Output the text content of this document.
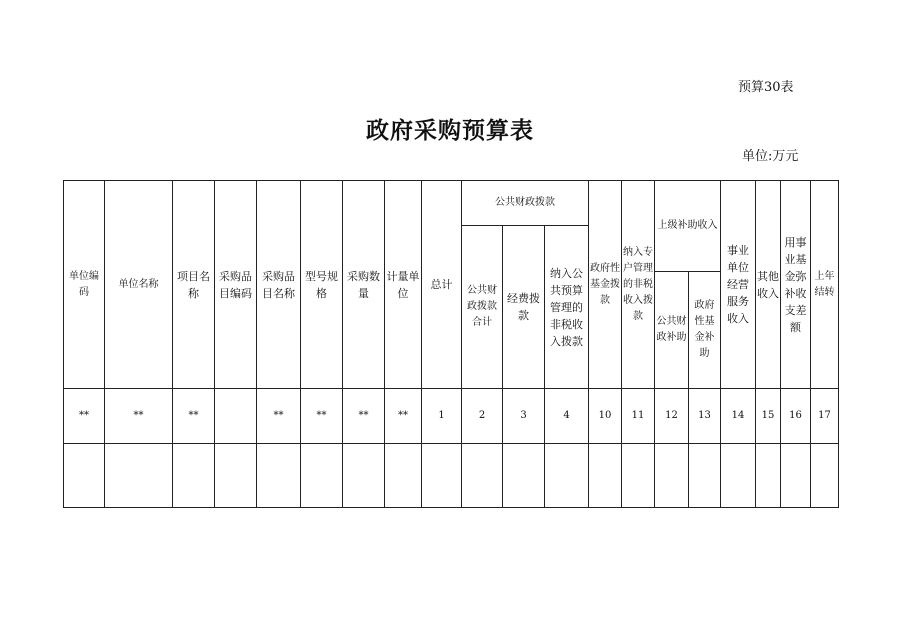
预算30表
政府采购预算表
单位:万元
单位编码	单位名称	项目名称	采购品目编码	采购品目名称	型号规格	采购数量	计量单位	总计	公共财政拨款			政府性基金拨款	纳入专户管理的非税收入拨款	上级补助收入		事业单位经营服务收入	其他收入	用事业基金弥补收支差额	上年结转
									公共财政拨款合计	经费拨款	纳入公共预算管理的非税收入拨款								
														公共财政补助	政府性基金补助				
**	**	**		**	**	**	**	1	2	3	4	10	11	12	13	14	15	16	17
